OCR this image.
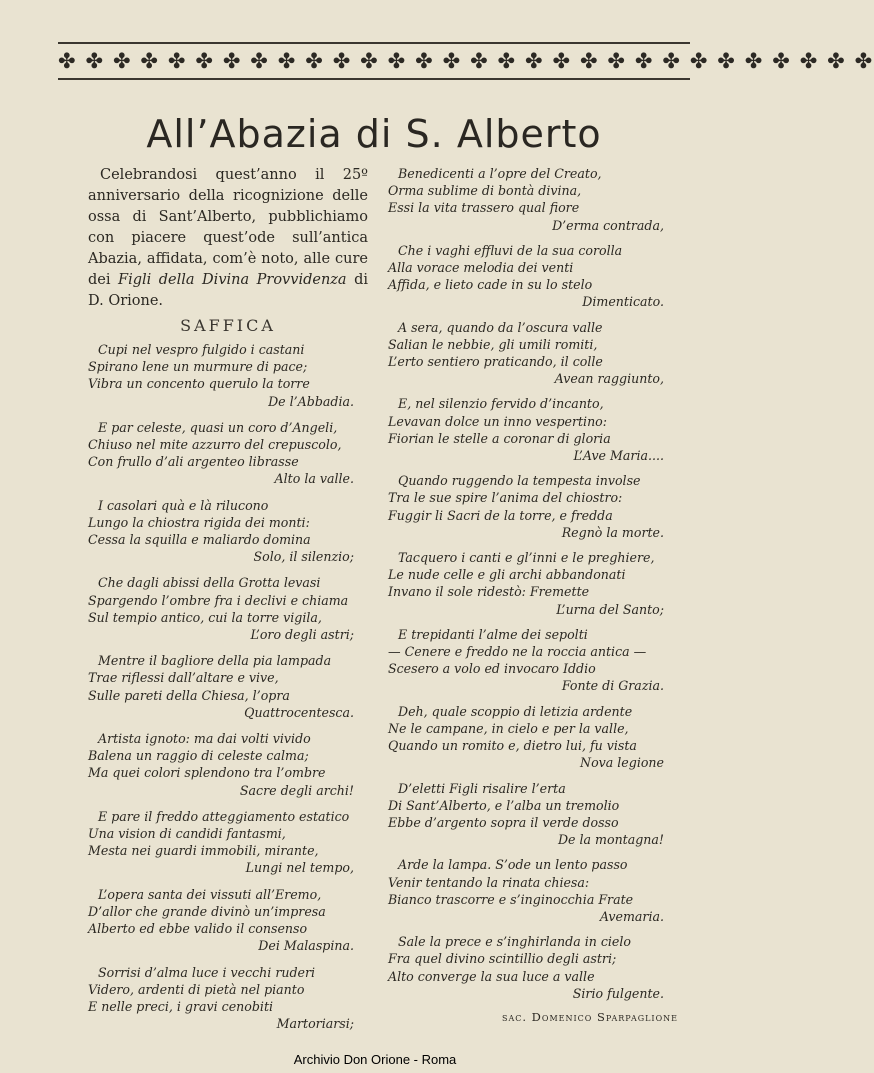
✤ ✤ ✤ ✤ ✤ ✤ ✤ ✤ ✤ ✤ ✤ ✤ ✤ ✤ ✤ ✤ ✤ ✤ ✤ ✤ ✤ ✤ ✤ ✤ ✤ ✤ ✤ ✤ ✤ ✤
All’Abazia di S. Alberto

Celebrandosi quest’anno il 25º anniversario della ricognizione delle ossa di Sant’Alberto, pubblichiamo con piacere quest’ode sull’antica Abazia, affidata, com’è noto, alle cure dei Figli della Divina Provvidenza di D. Orione.

SAFFICA
Cupi nel vespro fulgido i castani
Spirano lene un murmure di pace;
Vibra un concento querulo la torre
De l’Abbadia.
E par celeste, quasi un coro d’Angeli,
Chiuso nel mite azzurro del crepuscolo,
Con frullo d’ali argenteo librasse
Alto la valle.
I casolari quà e là rilucono
Lungo la chiostra rigida dei monti:
Cessa la squilla e maliardo domina
Solo, il silenzio;
Che dagli abissi della Grotta levasi
Spargendo l’ombre fra i declivi e chiama
Sul tempio antico, cui la torre vigila,
L’oro degli astri;
Mentre il bagliore della pia lampada
Trae riflessi dall’altare e vive,
Sulle pareti della Chiesa, l’opra
Quattrocentesca.
Artista ignoto: ma dai volti vivido
Balena un raggio di celeste calma;
Ma quei colori splendono tra l’ombre
Sacre degli archi!
E pare il freddo atteggiamento estatico
Una vision di candidi fantasmi,
Mesta nei guardi immobili, mirante,
Lungi nel tempo,
L’opera santa dei vissuti all’Eremo,
D’allor che grande divinò un’impresa
Alberto ed ebbe valido il consenso
Dei Malaspina.
Sorrisi d’alma luce i vecchi ruderi
Videro, ardenti di pietà nel pianto
E nelle preci, i gravi cenobiti
Martoriarsi;
Benedicenti a l’opre del Creato,
Orma sublime di bontà divina,
Essi la vita trassero qual fiore
D’erma contrada,
Che i vaghi effluvi de la sua corolla
Alla vorace melodia dei venti
Affida, e lieto cade in su lo stelo
Dimenticato.
A sera, quando da l’oscura valle
Salian le nebbie, gli umili romiti,
L’erto sentiero praticando, il colle
Avean raggiunto,
E, nel silenzio fervido d’incanto,
Levavan dolce un inno vespertino:
Fiorian le stelle a coronar di gloria
L’Ave Maria....
Quando ruggendo la tempesta involse
Tra le sue spire l’anima del chiostro:
Fuggir li Sacri de la torre, e fredda
Regnò la morte.
Tacquero i canti e gl’inni e le preghiere,
Le nude celle e gli archi abbandonati
Invano il sole ridestò: Fremette
L’urna del Santo;
E trepidanti l’alme dei sepolti
— Cenere e freddo ne la roccia antica —
Scesero a volo ed invocaro Iddio
Fonte di Grazia.
Deh, quale scoppio di letizia ardente
Ne le campane, in cielo e per la valle,
Quando un romito e, dietro lui, fu vista
Nova legione
D’eletti Figli risalire l’erta
Di Sant’Alberto, e l’alba un tremolio
Ebbe d’argento sopra il verde dosso
De la montagna!
Arde la lampa. S’ode un lento passo
Venir tentando la rinata chiesa:
Bianco trascorre e s’inginocchia Frate
Avemaria.
Sale la prece e s’inghirlanda in cielo
Fra quel divino scintillio degli astri;
Alto converge la sua luce a valle
Sirio fulgente.
sac. Domenico Sparpaglione
Archivio Don Orione - Roma
